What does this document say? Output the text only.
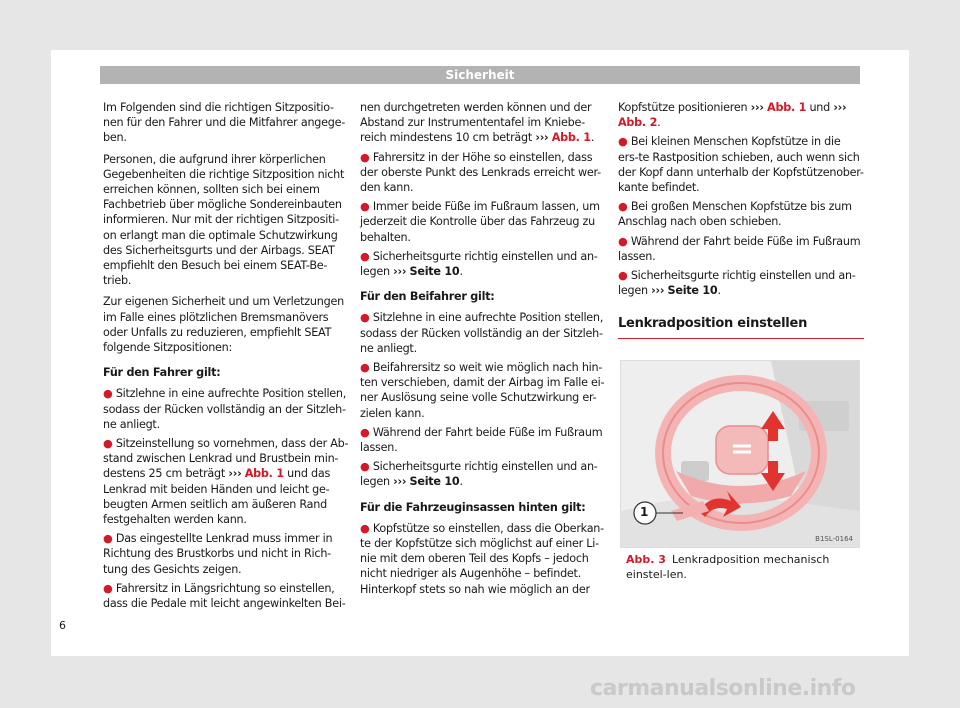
Sicherheit

Im Folgenden sind die richtigen Sitzpositio-nen für den Fahrer und die Mitfahrer angege-ben.

Personen, die aufgrund ihrer körperlichen Gegebenheiten die richtige Sitzposition nicht erreichen können, sollten sich bei einem Fachbetrieb über mögliche Sondereinbauten informieren. Nur mit der richtigen Sitzpositi-on erlangt man die optimale Schutzwirkung des Sicherheitsgurts und der Airbags. SEAT empfiehlt den Besuch bei einem SEAT-Be-trieb.

Zur eigenen Sicherheit und um Verletzungen im Falle eines plötzlichen Bremsmanövers oder Unfalls zu reduzieren, empfiehlt SEAT folgende Sitzpositionen:

Für den Fahrer gilt:

● Sitzlehne in eine aufrechte Position stellen, sodass der Rücken vollständig an der Sitzleh-ne anliegt.

● Sitzeinstellung so vornehmen, dass der Ab-stand zwischen Lenkrad und Brustbein min-destens 25 cm beträgt ››› Abb. 1 und das Lenkrad mit beiden Händen und leicht ge-beugten Armen seitlich am äußeren Rand festgehalten werden kann.

● Das eingestellte Lenkrad muss immer in Richtung des Brustkorbs und nicht in Rich-tung des Gesichts zeigen.

● Fahrersitz in Längsrichtung so einstellen, dass die Pedale mit leicht angewinkelten Bei-

nen durchgetreten werden können und der Abstand zur Instrumententafel im Kniebe-reich mindestens 10 cm beträgt ››› Abb. 1.

● Fahrersitz in der Höhe so einstellen, dass der oberste Punkt des Lenkrads erreicht wer-den kann.

● Immer beide Füße im Fußraum lassen, um jederzeit die Kontrolle über das Fahrzeug zu behalten.

● Sicherheitsgurte richtig einstellen und an-legen ››› Seite 10.

Für den Beifahrer gilt:

● Sitzlehne in eine aufrechte Position stellen, sodass der Rücken vollständig an der Sitzleh-ne anliegt.

● Beifahrersitz so weit wie möglich nach hin-ten verschieben, damit der Airbag im Falle ei-ner Auslösung seine volle Schutzwirkung er-zielen kann.

● Während der Fahrt beide Füße im Fußraum lassen.

● Sicherheitsgurte richtig einstellen und an-legen ››› Seite 10.

Für die Fahrzeuginsassen hinten gilt:

● Kopfstütze so einstellen, dass die Oberkan-te der Kopfstütze sich möglichst auf einer Li-nie mit dem oberen Teil des Kopfs – jedoch nicht niedriger als Augenhöhe – befindet. Hinterkopf stets so nah wie möglich an der

Kopfstütze positionieren ››› Abb. 1 und ››› Abb. 2.

● Bei kleinen Menschen Kopfstütze in die ers-te Rastposition schieben, auch wenn sich der Kopf dann unterhalb der Kopfstützenober-kante befindet.

● Bei großen Menschen Kopfstütze bis zum Anschlag nach oben schieben.

● Während der Fahrt beide Füße im Fußraum lassen.

● Sicherheitsgurte richtig einstellen und an-legen ››› Seite 10.

Lenkradposition einstellen
1
B1SL-0164
Abb. 3 Lenkradposition mechanisch einstel-len.
6
carmanualsonline.info
